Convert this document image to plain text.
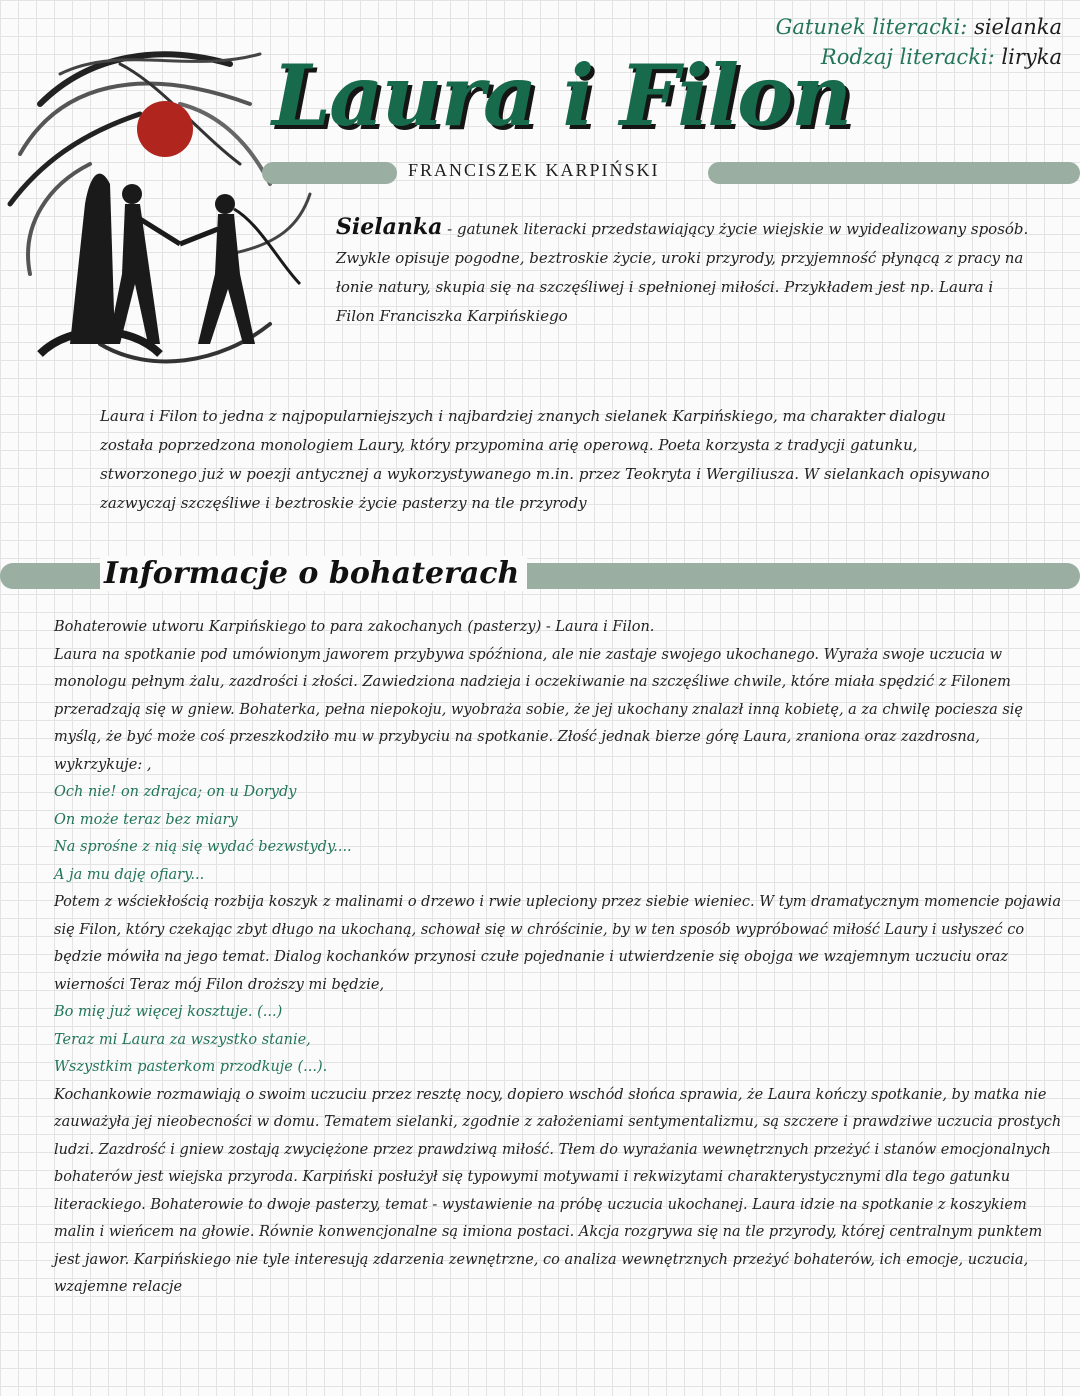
Gatunek literacki: sielanka
Rodzaj literacki: liryka
Laura i Filon
FRANCISZEK KARPIŃSKI

Sielanka - gatunek literacki przedstawiający życie wiejskie w wyidealizowany sposób. Zwykle opisuje pogodne, beztroskie życie, uroki przyrody, przyjemność płynącą z pracy na łonie natury, skupia się na szczęśliwej i spełnionej miłości. Przykładem jest np. Laura i Filon Franciszka Karpińskiego

Laura i Filon to jedna z najpopularniejszych i najbardziej znanych sielanek Karpińskiego, ma charakter dialogu została poprzedzona monologiem Laury, który przypomina arię operową. Poeta korzysta z tradycji gatunku, stworzonego już w poezji antycznej a wykorzystywanego m.in. przez Teokryta i Wergiliusza. W sielankach opisywano zazwyczaj szczęśliwe i beztroskie życie pasterzy na tle przyrody

Informacje o bohaterach

Bohaterowie utworu Karpińskiego to para zakochanych (pasterzy) - Laura i Filon.

Laura na spotkanie pod umówionym jaworem przybywa spóźniona, ale nie zastaje swojego ukochanego. Wyraża swoje uczucia w monologu pełnym żalu, zazdrości i złości. Zawiedziona nadzieja i oczekiwanie na szczęśliwe chwile, które miała spędzić z Filonem przeradzają się w gniew. Bohaterka, pełna niepokoju, wyobraża sobie, że jej ukochany znalazł inną kobietę, a za chwilę pociesza się myślą, że być może coś przeszkodziło mu w przybyciu na spotkanie. Złość jednak bierze górę Laura, zraniona oraz zazdrosna, wykrzykuje: ,

Och nie! on zdrajca; on u Dorydy

On może teraz bez miary

Na sprośne z nią się wydać bezwstydy....

A ja mu daję ofiary...

Potem z wściekłością rozbija koszyk z malinami o drzewo i rwie upleciony przez siebie wieniec. W tym dramatycznym momencie pojawia się Filon, który czekając zbyt długo na ukochaną, schował się w chróścinie, by w ten sposób wypróbować miłość Laury i usłyszeć co będzie mówiła na jego temat. Dialog kochanków przynosi czułe pojednanie i utwierdzenie się obojga we wzajemnym uczuciu oraz wierności Teraz mój Filon droższy mi będzie,

Bo mię już więcej kosztuje. (...)

Teraz mi Laura za wszystko stanie,

Wszystkim pasterkom przodkuje (...).

Kochankowie rozmawiają o swoim uczuciu przez resztę nocy, dopiero wschód słońca sprawia, że Laura kończy spotkanie, by matka nie zauważyła jej nieobecności w domu. Tematem sielanki, zgodnie z założeniami sentymentalizmu, są szczere i prawdziwe uczucia prostych ludzi. Zazdrość i gniew zostają zwyciężone przez prawdziwą miłość. Tłem do wyrażania wewnętrznych przeżyć i stanów emocjonalnych bohaterów jest wiejska przyroda. Karpiński posłużył się typowymi motywami i rekwizytami charakterystycznymi dla tego gatunku literackiego. Bohaterowie to dwoje pasterzy, temat - wystawienie na próbę uczucia ukochanej. Laura idzie na spotkanie z koszykiem malin i wieńcem na głowie. Równie konwencjonalne są imiona postaci. Akcja rozgrywa się na tle przyrody, której centralnym punktem jest jawor. Karpińskiego nie tyle interesują zdarzenia zewnętrzne, co analiza wewnętrznych przeżyć bohaterów, ich emocje, uczucia, wzajemne relacje
